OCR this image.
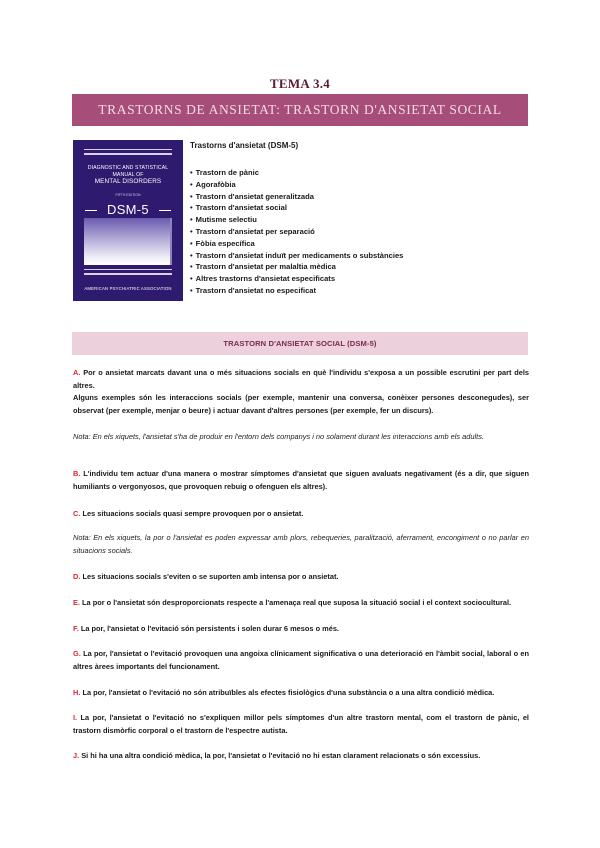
TEMA 3.4
TRASTORNS DE ANSIETAT: TRASTORN D'ANSIETAT SOCIAL
DIAGNOSTIC AND STATISTICAL
MANUAL OF
MENTAL DISORDERS
FIFTH EDITION
DSM-5
AMERICAN PSYCHIATRIC ASSOCIATION
Trastorns d'ansietat (DSM-5)
• Trastorn de pànic
• Agorafòbia
• Trastorn d'ansietat generalitzada
• Trastorn d'ansietat social
• Mutisme selectiu
• Trastorn d'ansietat per separació
• Fòbia específica
• Trastorn d'ansietat induït per medicaments o substàncies
• Trastorn d'ansietat per malaltia mèdica
• Altres trastorns d'ansietat especificats
• Trastorn d'ansietat no especificat
TRASTORN D'ANSIETAT SOCIAL (DSM-5)
A. Por o ansietat marcats davant una o més situacions socials en què l'individu s'exposa a un possible escrutini per part dels altres.
Alguns exemples són les interaccions socials (per exemple, mantenir una conversa, conèixer persones desconegudes), ser observat (per exemple, menjar o beure) i actuar davant d'altres persones (per exemple, fer un discurs).
Nota: En els xiquets, l'ansietat s'ha de produir en l'entorn dels companys i no solament durant les interaccions amb els adults.
B. L'individu tem actuar d'una manera o mostrar símptomes d'ansietat que siguen avaluats negativament (és a dir, que siguen humiliants o vergonyosos, que provoquen rebuig o ofenguen els altres).
C. Les situacions socials quasi sempre provoquen por o ansietat.
Nota: En els xiquets, la por o l'ansietat es poden expressar amb plors, rebequeries, paralització, aferrament, encongiment o no parlar en situacions socials.
D. Les situacions socials s'eviten o se suporten amb intensa por o ansietat.
E. La por o l'ansietat són desproporcionats respecte a l'amenaça real que suposa la situació social i el context sociocultural.
F. La por, l'ansietat o l'evitació són persistents i solen durar 6 mesos o més.
G. La por, l'ansietat o l'evitació provoquen una angoixa clínicament significativa o una deterioració en l'àmbit social, laboral o en altres àrees importants del funcionament.
H. La por, l'ansietat o l'evitació no són atribuïbles als efectes fisiològics d'una substància o a una altra condició mèdica.
I. La por, l'ansietat o l'evitació no s'expliquen millor pels símptomes d'un altre trastorn mental, com el trastorn de pànic, el trastorn dismòrfic corporal o el trastorn de l'espectre autista.
J. Si hi ha una altra condició mèdica, la por, l'ansietat o l'evitació no hi estan clarament relacionats o són excessius.
